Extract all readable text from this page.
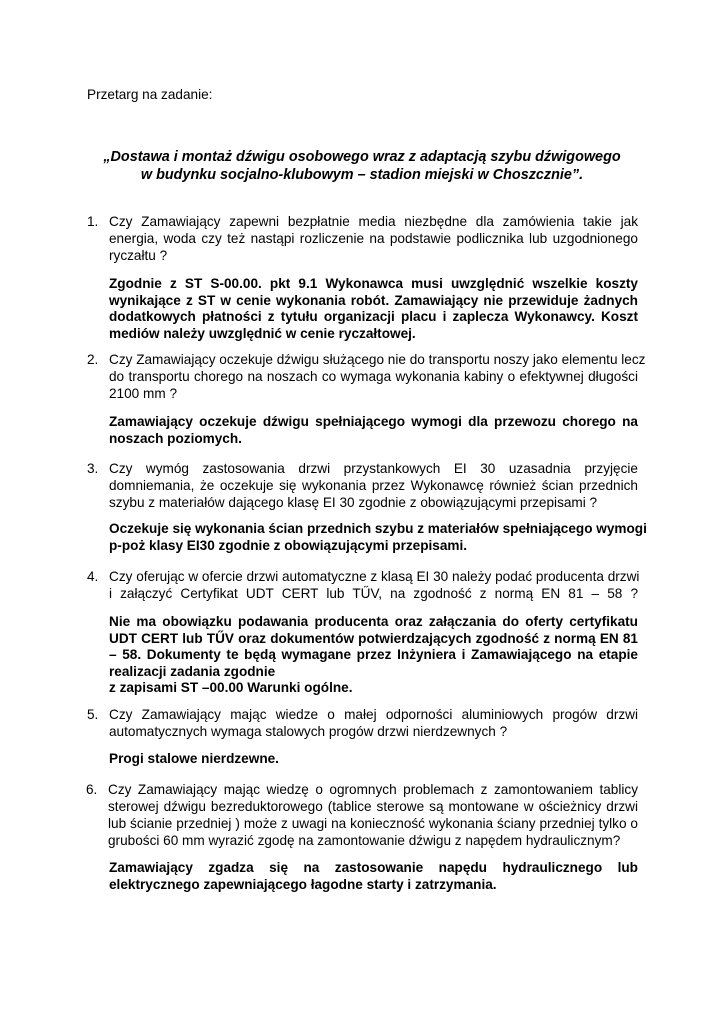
Przetarg na zadanie:

„Dostawa i montaż dźwigu osobowego wraz z adaptacją szybu dźwigowego
w budynku socjalno-klubowym – stadion miejski w Choszcznie”.
1. Czy Zamawiający zapewni bezpłatnie media niezbędne dla zamówienia takie jak
energia, woda czy też nastąpi rozliczenie na podstawie podlicznika lub uzgodnionego
ryczałtu ?

Zgodnie z ST S-00.00. pkt 9.1 Wykonawca musi uwzględnić wszelkie koszty
wynikające z ST w cenie wykonania robót. Zamawiający nie przewiduje żadnych
dodatkowych płatności z tytułu organizacji placu i zaplecza Wykonawcy. Koszt
mediów należy uwzględnić w cenie ryczałtowej.

2. Czy Zamawiający oczekuje dźwigu służącego nie do transportu noszy jako elementu lecz
do transportu chorego na noszach co wymaga wykonania kabiny o efektywnej długości
2100 mm ?

Zamawiający oczekuje dźwigu spełniającego wymogi dla przewozu chorego na
noszach poziomych.

3. Czy wymóg zastosowania drzwi przystankowych EI 30 uzasadnia przyjęcie
domniemania, że oczekuje się wykonania przez Wykonawcę również ścian przednich
szybu z materiałów dającego klasę EI 30 zgodnie z obowiązującymi przepisami ?

Oczekuje się wykonania ścian przednich szybu z materiałów spełniającego wymogi
p-poż klasy EI30 zgodnie z obowiązującymi przepisami.

4. Czy oferując w ofercie drzwi automatyczne z klasą EI 30 należy podać producenta drzwi
i załączyć Certyfikat UDT CERT lub TŰV, na zgodność z normą EN 81 – 58 ?

Nie ma obowiązku podawania producenta oraz załączania do oferty certyfikatu
UDT CERT lub TŰV oraz dokumentów potwierdzających zgodność z normą EN 81
– 58. Dokumenty te będą wymagane przez Inżyniera i Zamawiającego na etapie
realizacji zadania zgodnie
z zapisami ST –00.00 Warunki ogólne.

5. Czy Zamawiający mając wiedze o małej odporności aluminiowych progów drzwi
automatycznych wymaga stalowych progów drzwi nierdzewnych ?

Progi stalowe nierdzewne.

6. Czy Zamawiający mając wiedzę o ogromnych problemach z zamontowaniem tablicy
sterowej dźwigu bezreduktorowego (tablice sterowe są montowane w ościeżnicy drzwi
lub ścianie przedniej ) może z uwagi na konieczność wykonania ściany przedniej tylko o
grubości 60 mm wyrazić zgodę na zamontowanie dźwigu z napędem hydraulicznym?

Zamawiający zgadza się na zastosowanie napędu hydraulicznego lub
elektrycznego zapewniającego łagodne starty i zatrzymania.
